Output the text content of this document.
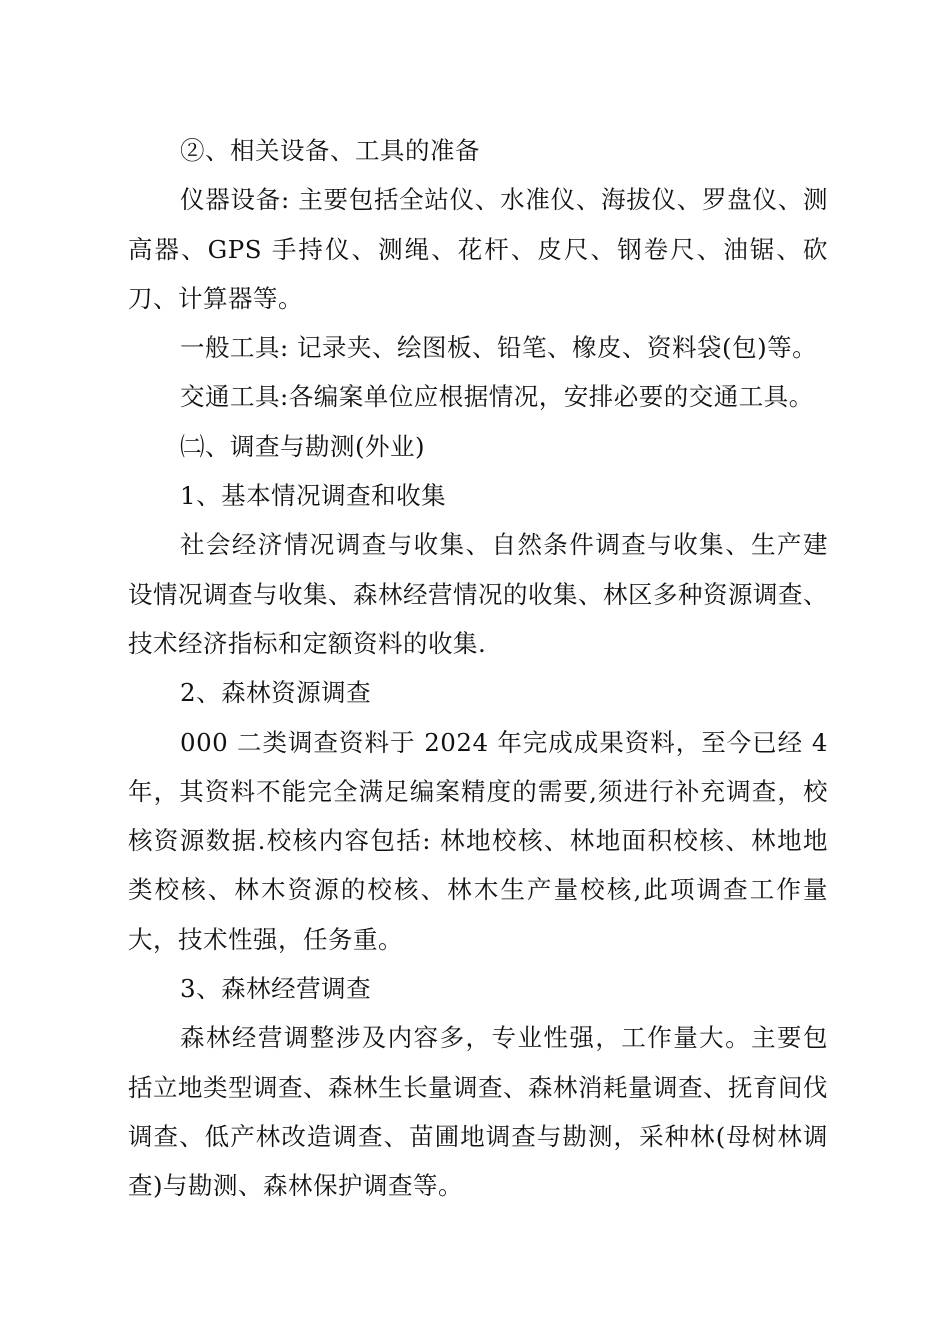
②、相关设备、工具的准备

仪器设备: 主要包括全站仪、水准仪、海拔仪、罗盘仪、测高器、GPS 手持仪、测绳、花杆、皮尺、钢卷尺、油锯、砍刀、计算器等。

一般工具: 记录夹、绘图板、铅笔、橡皮、资料袋(包)等。

交通工具:各编案单位应根据情况，安排必要的交通工具。

㈡、调查与勘测(外业)

1、基本情况调查和收集

社会经济情况调查与收集、自然条件调查与收集、生产建设情况调查与收集、森林经营情况的收集、林区多种资源调查、技术经济指标和定额资料的收集.

2、森林资源调查

000 二类调查资料于 2024 年完成成果资料，至今已经 4 年，其资料不能完全满足编案精度的需要,须进行补充调查，校核资源数据.校核内容包括: 林地校核、林地面积校核、林地地类校核、林木资源的校核、林木生产量校核,此项调查工作量大，技术性强，任务重。

3、森林经营调查

森林经营调整涉及内容多，专业性强，工作量大。主要包括立地类型调查、森林生长量调查、森林消耗量调查、抚育间伐调查、低产林改造调查、苗圃地调查与勘测，采种林(母树林调查)与勘测、森林保护调查等。
